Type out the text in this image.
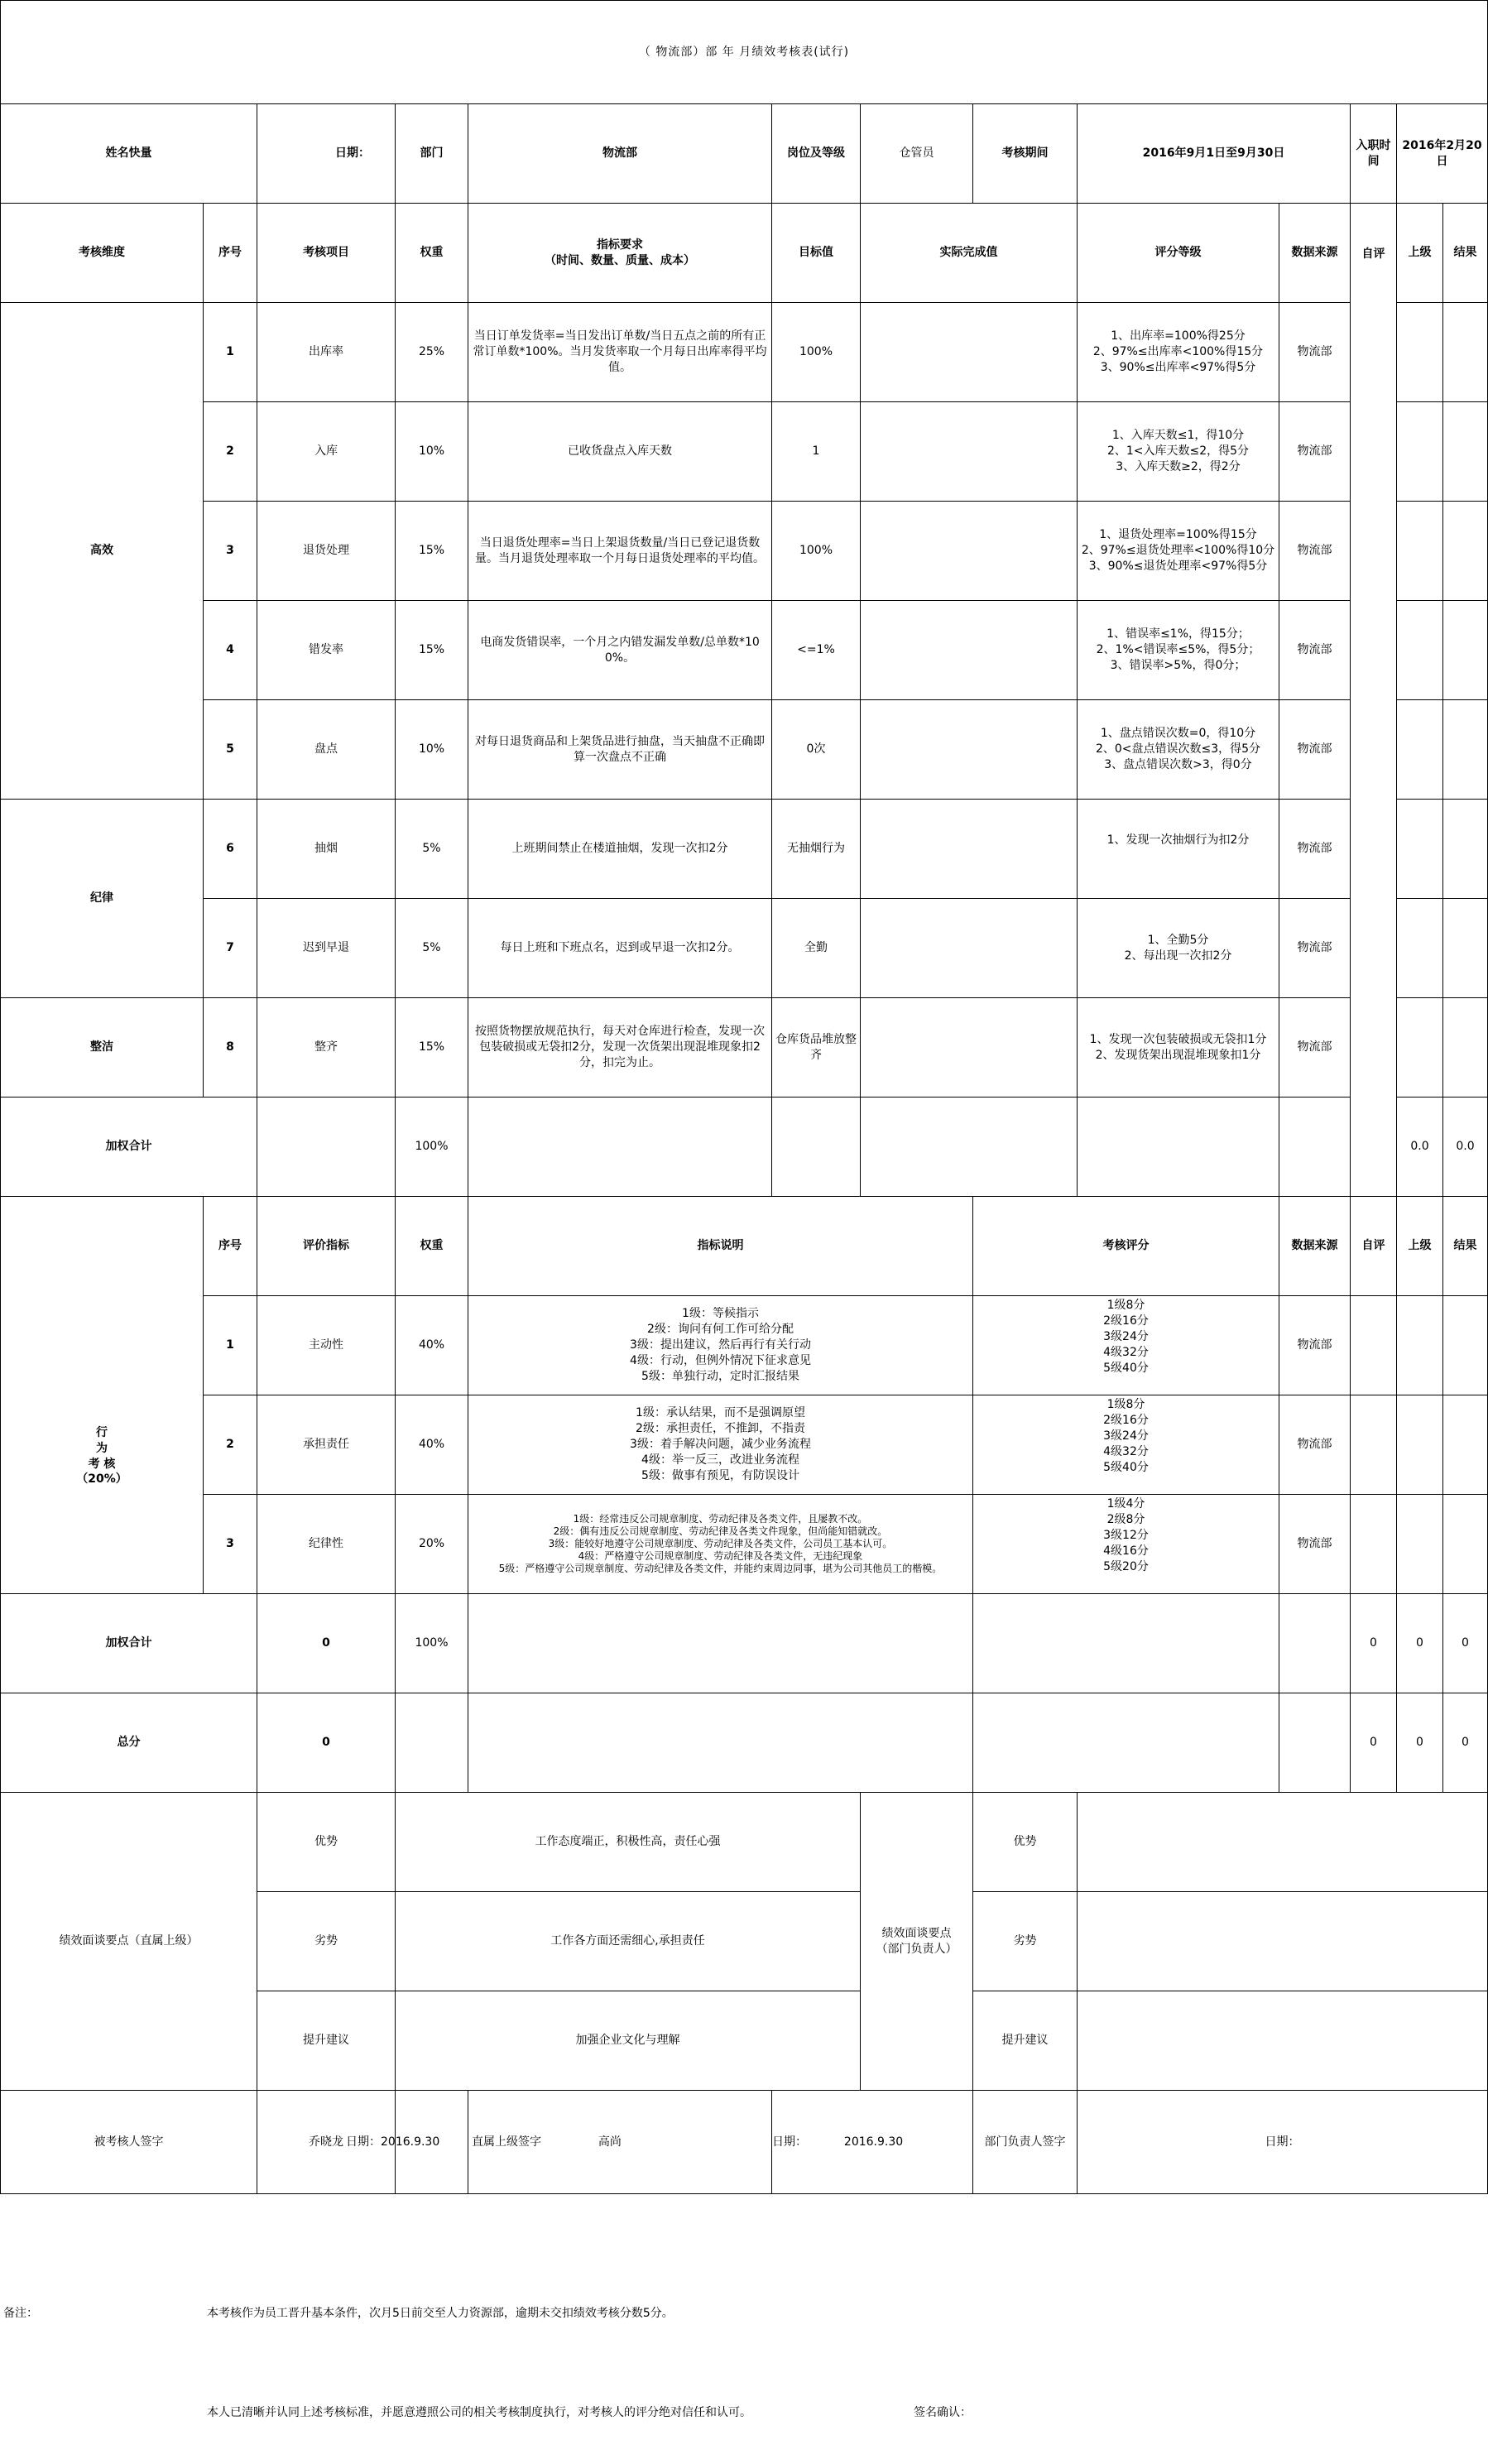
（ 物流部）部 年 月绩效考核表(试行)													
姓名快量		日期：	部门	物流部	岗位及等级	仓管员	考核期间	2016年9月1日至9月30日		入职时间	2016年2月20日		
考核维度	序号	考核项目	权重	指标要求
（时间、数量、质量、成本）	目标值	实际完成值		评分等级	数据来源	自评	上级	结果	
高效	1	出库率	25%	当日订单发货率=当日发出订单数/当日五点之前的所有正常订单数*100%。当月发货率取一个月每日出库率得平均值。	100%			1、出库率=100%得25分
2、97%≤出库率<100%得15分
3、90%≤出库率<97%得5分	物流部				
	2	入库	10%	已收货盘点入库天数	1			1、入库天数≤1，得10分
2、1<入库天数≤2，得5分
3、入库天数≥2，得2分	物流部				
	3	退货处理	15%	当日退货处理率=当日上架退货数量/当日已登记退货数量。当月退货处理率取一个月每日退货处理率的平均值。	100%			1、退货处理率=100%得15分
2、97%≤退货处理率<100%得10分
3、90%≤退货处理率<97%得5分	物流部				
	4	错发率	15%	电商发货错误率，一个月之内错发漏发单数/总单数*100%。	<=1%			1、错误率≤1%，得15分；
2、1%<错误率≤5%，得5分；
3、错误率>5%，得0分；	物流部				
	5	盘点	10%	对每日退货商品和上架货品进行抽盘，当天抽盘不正确即算一次盘点不正确	0次			1、盘点错误次数=0，得10分
2、0<盘点错误次数≤3，得5分
3、盘点错误次数>3，得0分	物流部				
纪律	6	抽烟	5%	上班期间禁止在楼道抽烟，发现一次扣2分	无抽烟行为			1、发现一次抽烟行为扣2分	物流部				
	7	迟到早退	5%	每日上班和下班点名，迟到或早退一次扣2分。	全勤			1、全勤5分
2、每出现一次扣2分	物流部				
整洁	8	整齐	15%	按照货物摆放规范执行，每天对仓库进行检查，发现一次包装破损或无袋扣2分，发现一次货架出现混堆现象扣2分，扣完为止。	仓库货品堆放整齐			1、发现一次包装破损或无袋扣1分
2、发现货架出现混堆现象扣1分	物流部				
加权合计			100%								0.0	0.0	
行
为
考 核
（20%）	序号	评价指标	权重	指标说明			考核评分		数据来源	自评	上级	结果	
	1	主动性	40%	1级：等候指示
2级：询问有何工作可给分配
3级：提出建议，然后再行有关行动
4级：行动，但例外情况下征求意见
5级：单独行动，定时汇报结果			1级8分
2级16分
3级24分
4级32分
5级40分		物流部				
	2	承担责任	40%	1级：承认结果，而不是强调原望
2级：承担责任，不推卸，不指责
3级：着手解决问题，减少业务流程
4级：举一反三，改进业务流程
5级：做事有预见，有防误设计			1级8分
2级16分
3级24分
4级32分
5级40分		物流部				
	3	纪律性	20%	1级：经常违反公司规章制度、劳动纪律及各类文件，且屡教不改。
2级：偶有违反公司规章制度、劳动纪律及各类文件现象，但尚能知错就改。
3级：能较好地遵守公司规章制度、劳动纪律及各类文件，公司员工基本认可。
4级：严格遵守公司规章制度、劳动纪律及各类文件，无违纪现象
5级：严格遵守公司规章制度、劳动纪律及各类文件，并能约束周边同事，堪为公司其他员工的楷模。			1级4分
2级8分
3级12分
4级16分
5级20分		物流部				
加权合计		0	100%							0	0	0	
总分		0								0	0	0	
绩效面谈要点（直属上级）		优势	工作态度端正，积极性高，责任心强			绩效面谈要点
（部门负责人）	优势						
		劣势	工作各方面还需细心,承担责任				劣势						
		提升建议	加强企业文化与理解				提升建议						
被考核人签字		乔晓龙	日期：2016.9.30	直属上级签字 高尚	日期： 2016.9.30		部门负责人签字	日期：					
备注：	本考核作为员工晋升基本条件，次月5日前交至人力资源部，逾期未交扣绩效考核分数5分。
本人已清晰并认同上述考核标准，并愿意遵照公司的相关考核制度执行，对考核人的评分绝对信任和认可。	签名确认：
